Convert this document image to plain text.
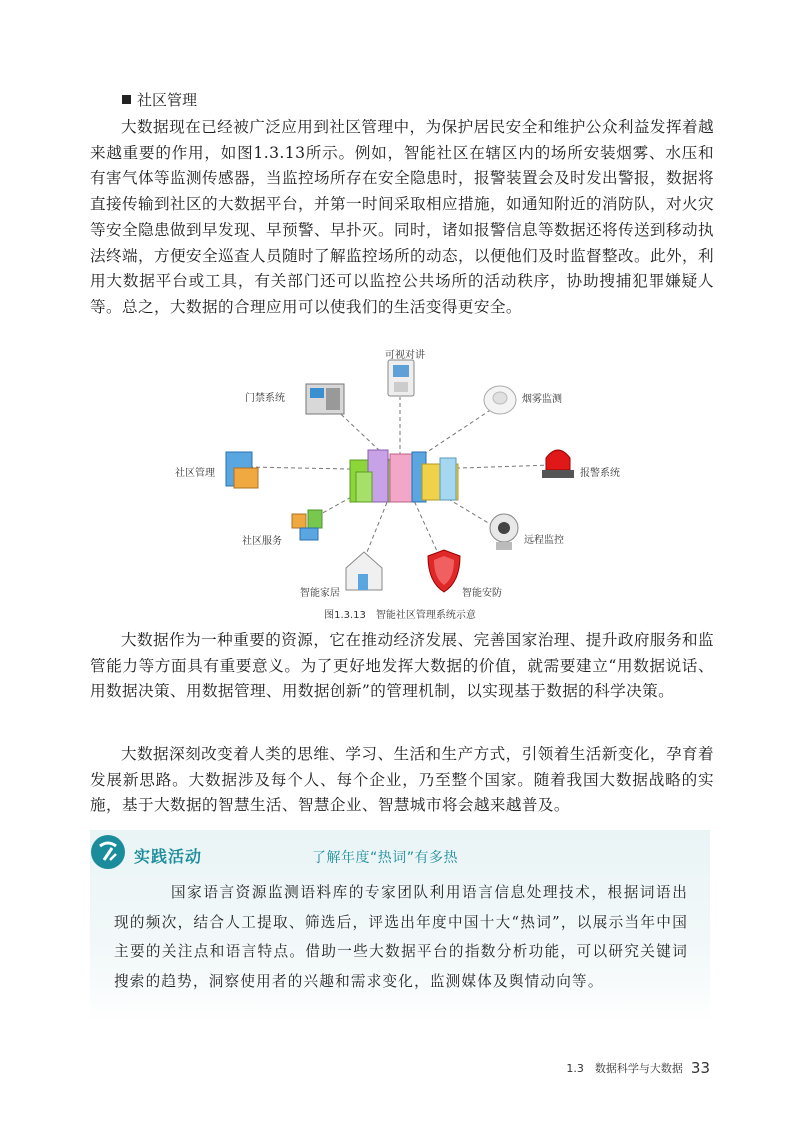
社区管理

大数据现在已经被广泛应用到社区管理中，为保护居民安全和维护公众利益发挥着越来越重要的作用，如图1.3.13所示。例如，智能社区在辖区内的场所安装烟雾、水压和有害气体等监测传感器，当监控场所存在安全隐患时，报警装置会及时发出警报，数据将直接传输到社区的大数据平台，并第一时间采取相应措施，如通知附近的消防队，对火灾等安全隐患做到早发现、早预警、早扑灭。同时，诸如报警信息等数据还将传送到移动执法终端，方便安全巡查人员随时了解监控场所的动态，以便他们及时监督整改。此外，利用大数据平台或工具，有关部门还可以监控公共场所的活动秩序，协助搜捕犯罪嫌疑人等。总之，大数据的合理应用可以使我们的生活变得更安全。

可视对讲
门禁系统	烟雾监测
社区管理	报警系统
社区服务	远程监控
智能家居	智能安防
图1.3.13　智能社区管理系统示意

大数据作为一种重要的资源，它在推动经济发展、完善国家治理、提升政府服务和监管能力等方面具有重要意义。为了更好地发挥大数据的价值，就需要建立“用数据说话、用数据决策、用数据管理、用数据创新”的管理机制，以实现基于数据的科学决策。

大数据深刻改变着人类的思维、学习、生活和生产方式，引领着生活新变化，孕育着发展新思路。大数据涉及每个人、每个企业，乃至整个国家。随着我国大数据战略的实施，基于大数据的智慧生活、智慧企业、智慧城市将会越来越普及。

实践活动	了解年度“热词”有多热

国家语言资源监测语料库的专家团队利用语言信息处理技术，根据词语出现的频次，结合人工提取、筛选后，评选出年度中国十大“热词”，以展示当年中国主要的关注点和语言特点。借助一些大数据平台的指数分析功能，可以研究关键词搜索的趋势，洞察使用者的兴趣和需求变化，监测媒体及舆情动向等。

1.3　数据科学与大数据 33
